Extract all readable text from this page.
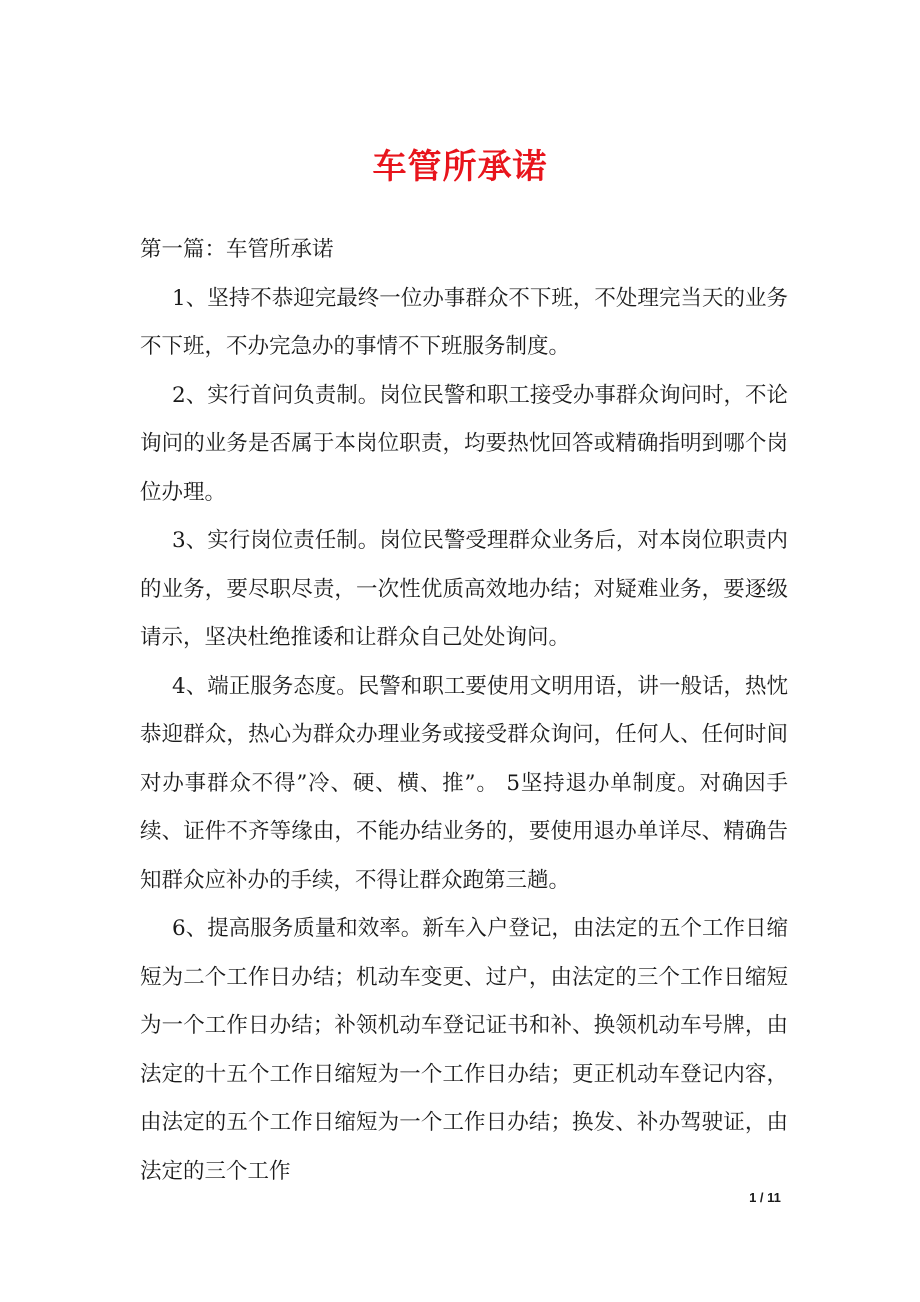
车管所承诺

第一篇：车管所承诺

1、坚持不恭迎完最终一位办事群众不下班，不处理完当天的业务不下班，不办完急办的事情不下班服务制度。

2、实行首问负责制。岗位民警和职工接受办事群众询问时，不论询问的业务是否属于本岗位职责，均要热忱回答或精确指明到哪个岗位办理。

3、实行岗位责任制。岗位民警受理群众业务后，对本岗位职责内的业务，要尽职尽责，一次性优质高效地办结；对疑难业务，要逐级请示，坚决杜绝推诿和让群众自己处处询问。

4、端正服务态度。民警和职工要使用文明用语，讲一般话，热忱恭迎群众，热心为群众办理业务或接受群众询问，任何人、任何时间对办事群众不得”冷、硬、横、推”。 5坚持退办单制度。对确因手续、证件不齐等缘由，不能办结业务的，要使用退办单详尽、精确告知群众应补办的手续，不得让群众跑第三趟。

6、提高服务质量和效率。新车入户登记，由法定的五个工作日缩短为二个工作日办结；机动车变更、过户，由法定的三个工作日缩短为一个工作日办结；补领机动车登记证书和补、换领机动车号牌，由法定的十五个工作日缩短为一个工作日办结；更正机动车登记内容，由法定的五个工作日缩短为一个工作日办结；换发、补办驾驶证，由法定的三个工作

1 / 11
